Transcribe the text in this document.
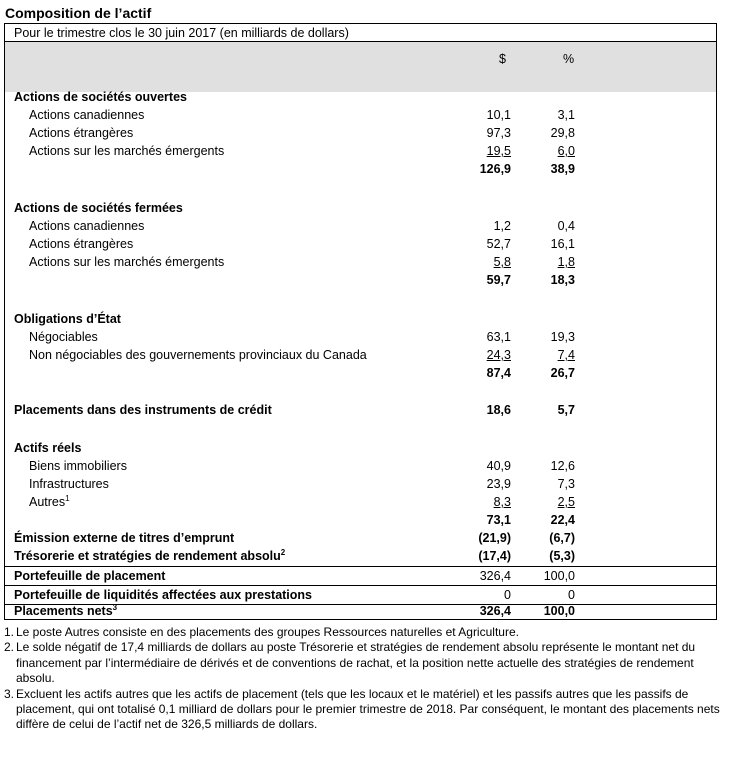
Composition de l’actif
Pour le trimestre clos le 30 juin 2017 (en milliards de dollars)
$	%
Actions de sociétés ouvertes
Actions canadiennes	10,1	3,1
Actions étrangères	97,3	29,8
Actions sur les marchés émergents	19,5	6,0
126,9	38,9
Actions de sociétés fermées
Actions canadiennes	1,2	0,4
Actions étrangères	52,7	16,1
Actions sur les marchés émergents	5,8	1,8
59,7	18,3
Obligations d’État
Négociables	63,1	19,3
Non négociables des gouvernements provinciaux du Canada	24,3	7,4
87,4	26,7
Placements dans des instruments de crédit	18,6	5,7
Actifs réels
Biens immobiliers	40,9	12,6
Infrastructures	23,9	7,3
Autres$^1$	8,3	2,5
73,1	22,4
Émission externe de titres d’emprunt	(21,9)	(6,7)
Trésorerie et stratégies de rendement absolu$^2$	(17,4)	(5,3)
Portefeuille de placement	326,4	100,0
Portefeuille de liquidités affectées aux prestations	0	0
Placements nets$^3$	326,4	100,0
1. Le poste Autres consiste en des placements des groupes Ressources naturelles et Agriculture.
2. Le solde négatif de 17,4 milliards de dollars au poste Trésorerie et stratégies de rendement absolu représente le montant net du financement par l’intermédiaire de dérivés et de conventions de rachat, et la position nette actuelle des stratégies de rendement absolu.
3. Excluent les actifs autres que les actifs de placement (tels que les locaux et le matériel) et les passifs autres que les passifs de placement, qui ont totalisé 0,1 milliard de dollars pour le premier trimestre de 2018. Par conséquent, le montant des placements nets diffère de celui de l’actif net de 326,5 milliards de dollars.
